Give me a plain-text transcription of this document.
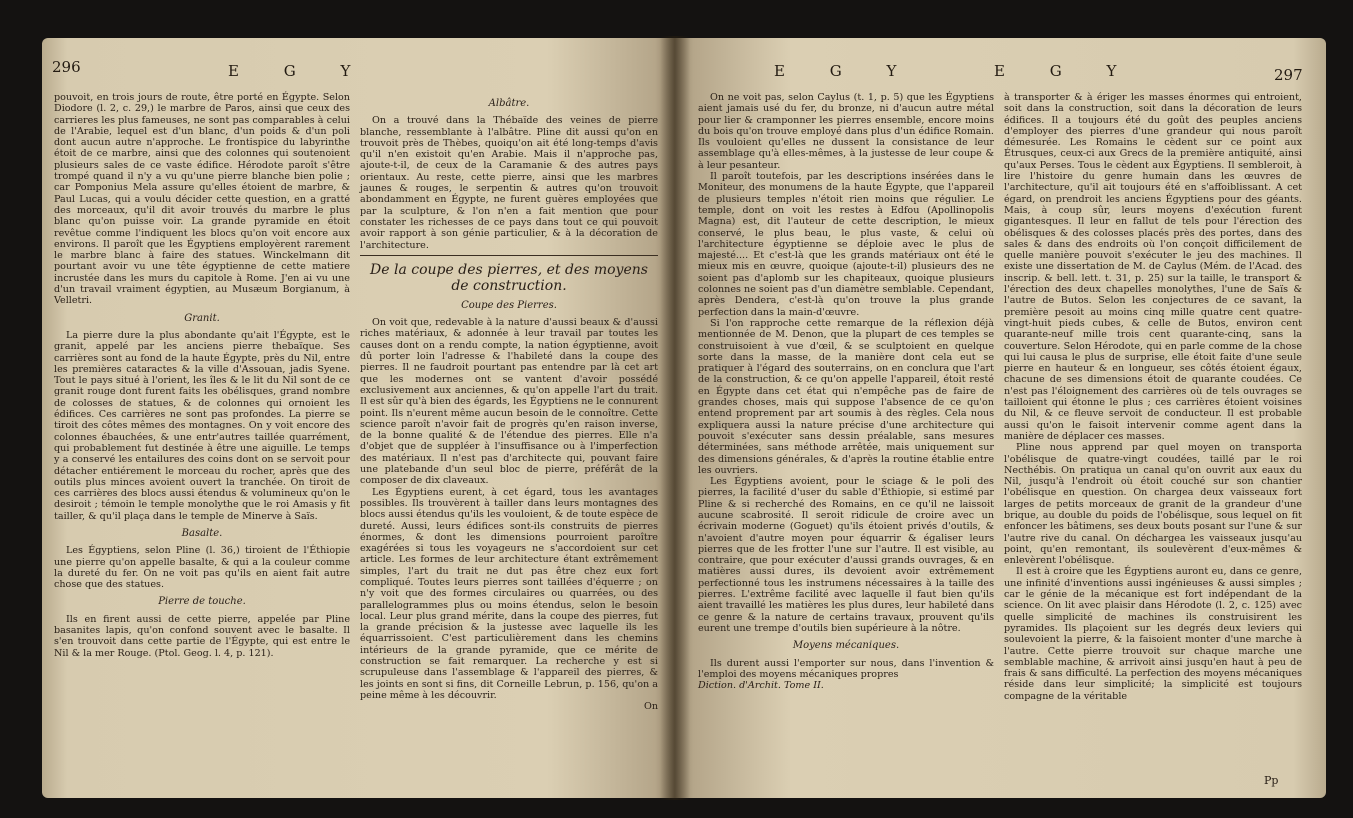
E G Y
296

pouvoit, en trois jours de route, être porté en Égypte. Selon Diodore (l. 2, c. 29,) le marbre de Paros, ainsi que ceux des carrieres les plus fameuses, ne sont pas comparables à celui de l'Arabie, lequel est d'un blanc, d'un poids & d'un poli dont aucun autre n'approche. Le frontispice du labyrinthe étoit de ce marbre, ainsi que des colonnes qui soutenoient plusieurs sales de ce vaste édifice. Hérodote paroît s'être trompé quand il n'y a vu qu'une pierre blanche bien polie ; car Pomponius Mela assure qu'elles étoient de marbre, & Paul Lucas, qui a voulu décider cette question, en a gratté des morceaux, qu'il dit avoir trouvés du marbre le plus blanc qu'on puisse voir. La grande pyramide en étoit revêtue comme l'indiquent les blocs qu'on voit encore aux environs. Il paroît que les Égyptiens employèrent rarement le marbre blanc à faire des statues. Winckelmann dit pourtant avoir vu une tête égyptienne de cette matiere incrustée dans les murs du capitole à Rome. J'en ai vu une d'un travail vraiment égyptien, au Musæum Borgianum, à Velletri.

Granit.

La pierre dure la plus abondante qu'ait l'Égypte, est le granit, appelé par les anciens pierre thebaïque. Ses carrières sont au fond de la haute Égypte, près du Nil, entre les premières cataractes & la ville d'Assouan, jadis Syene. Tout le pays situé à l'orient, les îles & le lit du Nil sont de ce granit rouge dont furent faits les obélisques, grand nombre de colosses de statues, & de colonnes qui ornoient les édifices. Ces carrières ne sont pas profondes. La pierre se tiroit des côtes mêmes des montagnes. On y voit encore des colonnes ébauchées, & une entr'autres taillée quarrément, qui probablement fut destinée à être une aiguille. Le temps y a conservé les entailures des coins dont on se servoit pour détacher entiérement le morceau du rocher, après que des outils plus minces avoient ouvert la tranchée. On tiroit de ces carrières des blocs aussi étendus & volumineux qu'on le desiroit ; témoin le temple monolythe que le roi Amasis y fit tailler, & qu'il plaça dans le temple de Minerve à Saïs.

Basalte.

Les Égyptiens, selon Pline (l. 36,) tiroient de l'Éthiopie une pierre qu'on appelle basalte, & qui a la couleur comme la dureté du fer. On ne voit pas qu'ils en aient fait autre chose que des statues.

Pierre de touche.

Ils en firent aussi de cette pierre, appelée par Pline basanites lapis, qu'on confond souvent avec le basalte. Il s'en trouvoit dans cette partie de l'Égypte, qui est entre le Nil & la mer Rouge. (Ptol. Geog. l. 4, p. 121).

Albâtre.

On a trouvé dans la Thébaïde des veines de pierre blanche, ressemblante à l'albâtre. Pline dit aussi qu'on en trouvoit près de Thèbes, quoiqu'on ait été long-temps d'avis qu'il n'en existoit qu'en Arabie. Mais il n'approche pas, ajoute-t-il, de ceux de la Caramanie & des autres pays orientaux. Au reste, cette pierre, ainsi que les marbres jaunes & rouges, le serpentin & autres qu'on trouvoit abondamment en Égypte, ne furent guères employées que par la sculpture, & l'on n'en a fait mention que pour constater les richesses de ce pays dans tout ce qui pouvoit avoir rapport à son génie particulier, & à la décoration de l'architecture.

De la coupe des pierres, et des moyens de construction.
Coupe des Pierres.

On voit que, redevable à la nature d'aussi beaux & d'aussi riches matériaux, & adonnée à leur travail par toutes les causes dont on a rendu compte, la nation égyptienne, avoit dû porter loin l'adresse & l'habileté dans la coupe des pierres. Il ne faudroit pourtant pas entendre par là cet art que les modernes ont se vantent d'avoir possédé exclusivement aux anciennes, & qu'on appelle l'art du trait. Il est sûr qu'à bien des égards, les Égyptiens ne le connurent point. Ils n'eurent même aucun besoin de le connoître. Cette science paroît n'avoir fait de progrès qu'en raison inverse, de la bonne qualité & de l'étendue des pierres. Elle n'a d'objet que de suppléer à l'insuffisance ou à l'imperfection des matériaux. Il n'est pas d'architecte qui, pouvant faire une platebande d'un seul bloc de pierre, préférât de la composer de dix claveaux.

Les Égyptiens eurent, à cet égard, tous les avantages possibles. Ils trouvèrent à tailler dans leurs montagnes des blocs aussi étendus qu'ils les vouloient, & de toute espèce de dureté. Aussi, leurs édifices sont-ils construits de pierres énormes, & dont les dimensions pourroient paroître exagérées si tous les voyageurs ne s'accordoient sur cet article. Les formes de leur architecture étant extrêmement simples, l'art du trait ne dut pas être chez eux fort compliqué. Toutes leurs pierres sont taillées d'équerre ; on n'y voit que des formes circulaires ou quarrées, ou des parallelogrammes plus ou moins étendus, selon le besoin local. Leur plus grand mérite, dans la coupe des pierres, fut la grande précision & la justesse avec laquelle ils les équarrissoient. C'est particulièrement dans les chemins intérieurs de la grande pyramide, que ce mérite de construction se fait remarquer. La recherche y est si scrupuleuse dans l'assemblage & l'appareil des pierres, & les joints en sont si fins, dit Corneille Lebrun, p. 156, qu'on a peine même à les découvrir.

On
E G Y	E G Y	297

On ne voit pas, selon Caylus (t. 1, p. 5) que les Égyptiens aient jamais usé du fer, du bronze, ni d'aucun autre métal pour lier & cramponner les pierres ensemble, encore moins du bois qu'on trouve employé dans plus d'un édifice Romain. Ils vouloient qu'elles ne dussent la consistance de leur assemblage qu'à elles-mêmes, à la justesse de leur coupe & à leur pesanteur.

Il paroît toutefois, par les descriptions insérées dans le Moniteur, des monumens de la haute Égypte, que l'appareil de plusieurs temples n'étoit rien moins que régulier. Le temple, dont on voit les restes à Edfou (Apollinopolis Magna) est, dit l'auteur de cette description, le mieux conservé, le plus beau, le plus vaste, & celui où l'architecture égyptienne se déploie avec le plus de majesté.... Et c'est-là que les grands matériaux ont été le mieux mis en œuvre, quoique (ajoute-t-il) plusieurs des ne soient pas d'aplomb sur les chapiteaux, quoique plusieurs colonnes ne soient pas d'un diamètre semblable. Cependant, après Dendera, c'est-là qu'on trouve la plus grande perfection dans la main-d'œuvre.

Si l'on rapproche cette remarque de la réflexion déjà mentionnée de M. Denon, que la plupart de ces temples se construisoient à vue d'œil, & se sculptoient en quelque sorte dans la masse, de la manière dont cela eut se pratiquer à l'égard des souterrains, on en conclura que l'art de la construction, & ce qu'on appelle l'appareil, étoit resté en Égypte dans cet état qui n'empêche pas de faire de grandes choses, mais qui suppose l'absence de ce qu'on entend proprement par art soumis à des règles. Cela nous expliquera aussi la nature précise d'une architecture qui pouvoit s'exécuter sans dessin préalable, sans mesures déterminées, sans méthode arrêtée, mais uniquement sur des dimensions générales, & d'après la routine établie entre les ouvriers.

Les Égyptiens avoient, pour le sciage & le poli des pierres, la facilité d'user du sable d'Éthiopie, si estimé par Pline & si recherché des Romains, en ce qu'il ne laissoit aucune scabrosité. Il seroit ridicule de croire avec un écrivain moderne (Goguet) qu'ils étoient privés d'outils, & n'avoient d'autre moyen pour équarrir & égaliser leurs pierres que de les frotter l'une sur l'autre. Il est visible, au contraire, que pour exécuter d'aussi grands ouvrages, & en matières aussi dures, ils devoient avoir extrêmement perfectionné tous les instrumens nécessaires à la taille des pierres. L'extrême facilité avec laquelle il faut bien qu'ils aient travaillé les matières les plus dures, leur habileté dans ce genre & la nature de certains travaux, prouvent qu'ils eurent une trempe d'outils bien supérieure à la nôtre.

Moyens mécaniques.

Ils durent aussi l'emporter sur nous, dans l'invention & l'emploi des moyens mécaniques propres

Diction. d'Archit. Tome II.

à transporter & à ériger les masses énormes qui entroient, soit dans la construction, soit dans la décoration de leurs édifices. Il a toujours été du goût des peuples anciens d'employer des pierres d'une grandeur qui nous paroît démesurée. Les Romains le cèdent sur ce point aux Étrusques, ceux-ci aux Grecs de la première antiquité, ainsi qu'aux Perses. Tous le cèdent aux Égyptiens. Il sembleroit, à lire l'histoire du genre humain dans les œuvres de l'architecture, qu'il ait toujours été en s'affoiblissant. A cet égard, on prendroit les anciens Égyptiens pour des géants. Mais, à coup sûr, leurs moyens d'exécution furent gigantesques. Il leur en fallut de tels pour l'érection des obélisques & des colosses placés près des portes, dans des sales & dans des endroits où l'on conçoit difficilement de quelle manière pouvoit s'exécuter le jeu des machines. Il existe une dissertation de M. de Caylus (Mém. de l'Acad. des inscrip. & bell. lett. t. 31, p. 25) sur la taille, le transport & l'érection des deux chapelles monolythes, l'une de Saïs & l'autre de Butos. Selon les conjectures de ce savant, la première pesoit au moins cinq mille quatre cent quatre-vingt-huit pieds cubes, & celle de Butos, environ cent quarante-neuf mille trois cent quarante-cinq, sans la couverture. Selon Hérodote, qui en parle comme de la chose qui lui causa le plus de surprise, elle étoit faite d'une seule pierre en hauteur & en longueur, ses côtés étoient égaux, chacune de ses dimensions étoit de quarante coudées. Ce n'est pas l'éloignement des carrières où de tels ouvrages se tailloient qui étonne le plus ; ces carrières étoient voisines du Nil, & ce fleuve servoit de conducteur. Il est probable aussi qu'on le faisoit intervenir comme agent dans la manière de déplacer ces masses.

Pline nous apprend par quel moyen on transporta l'obélisque de quatre-vingt coudées, taillé par le roi Necthébis. On pratiqua un canal qu'on ouvrit aux eaux du Nil, jusqu'à l'endroit où étoit couché sur son chantier l'obélisque en question. On chargea deux vaisseaux fort larges de petits morceaux de granit de la grandeur d'une brique, au double du poids de l'obélisque, sous lequel on fit enfoncer les bâtimens, ses deux bouts posant sur l'une & sur l'autre rive du canal. On déchargea les vaisseaux jusqu'au point, qu'en remontant, ils soulevèrent d'eux-mêmes & enlevèrent l'obélisque.

Il est à croire que les Égyptiens auront eu, dans ce genre, une infinité d'inventions aussi ingénieuses & aussi simples ; car le génie de la mécanique est fort indépendant de la science. On lit avec plaisir dans Hérodote (l. 2, c. 125) avec quelle simplicité de machines ils construisirent les pyramides. Ils plaçoient sur les degrés deux leviers qui soulevoient la pierre, & la faisoient monter d'une marche à l'autre. Cette pierre trouvoit sur chaque marche une semblable machine, & arrivoit ainsi jusqu'en haut à peu de frais & sans difficulté. La perfection des moyens mécaniques réside dans leur simplicité; la simplicité est toujours compagne de la véritable

Pp
